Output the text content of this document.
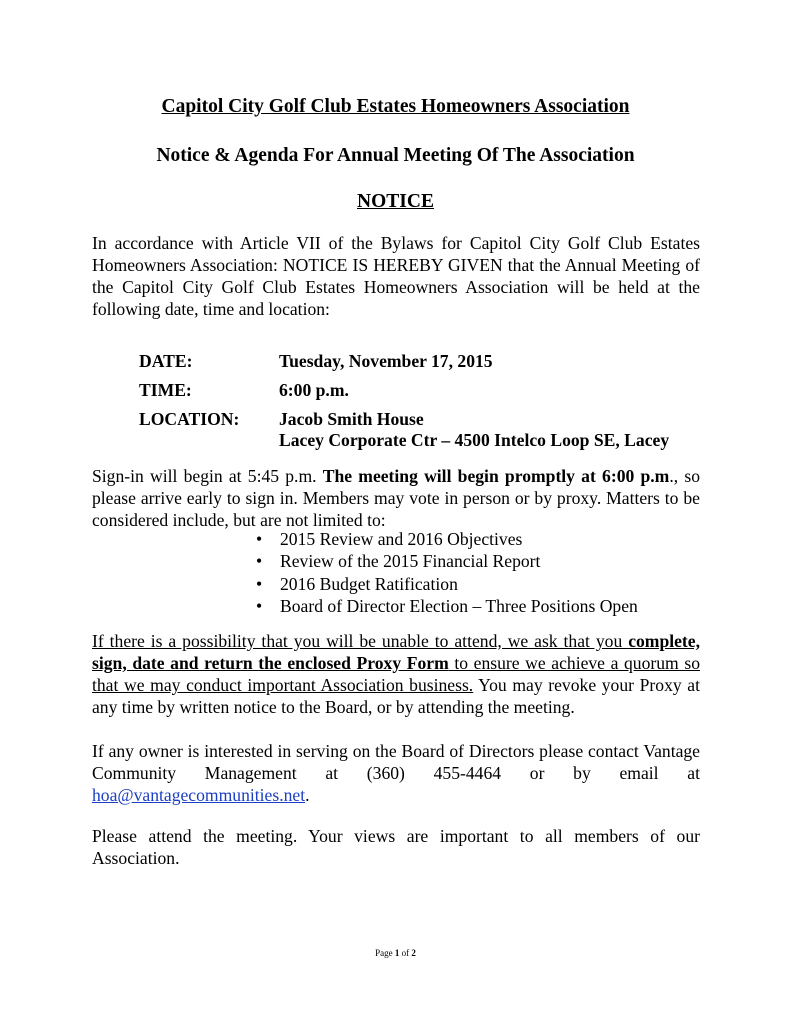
Capitol City Golf Club Estates Homeowners Association
Notice & Agenda For Annual Meeting Of The Association
NOTICE
In accordance with Article VII of the Bylaws for Capitol City Golf Club Estates Homeowners Association: NOTICE IS HEREBY GIVEN that the Annual Meeting of the Capitol City Golf Club Estates Homeowners Association will be held at the following date, time and location:
DATE:	Tuesday, November 17, 2015
TIME:	6:00 p.m.
LOCATION: Jacob Smith House
Lacey Corporate Ctr – 4500 Intelco Loop SE, Lacey
Sign-in will begin at 5:45 p.m. The meeting will begin promptly at 6:00 p.m., so please arrive early to sign in. Members may vote in person or by proxy. Matters to be considered include, but are not limited to:
• 2015 Review and 2016 Objectives
• Review of the 2015 Financial Report
• 2016 Budget Ratification
• Board of Director Election – Three Positions Open
If there is a possibility that you will be unable to attend, we ask that you complete, sign, date and return the enclosed Proxy Form to ensure we achieve a quorum so that we may conduct important Association business. You may revoke your Proxy at any time by written notice to the Board, or by attending the meeting.
If any owner is interested in serving on the Board of Directors please contact Vantage Community Management at (360) 455-4464 or by email at hoa@vantagecommunities.net.
Please attend the meeting. Your views are important to all members of our Association.
Page 1 of 2
